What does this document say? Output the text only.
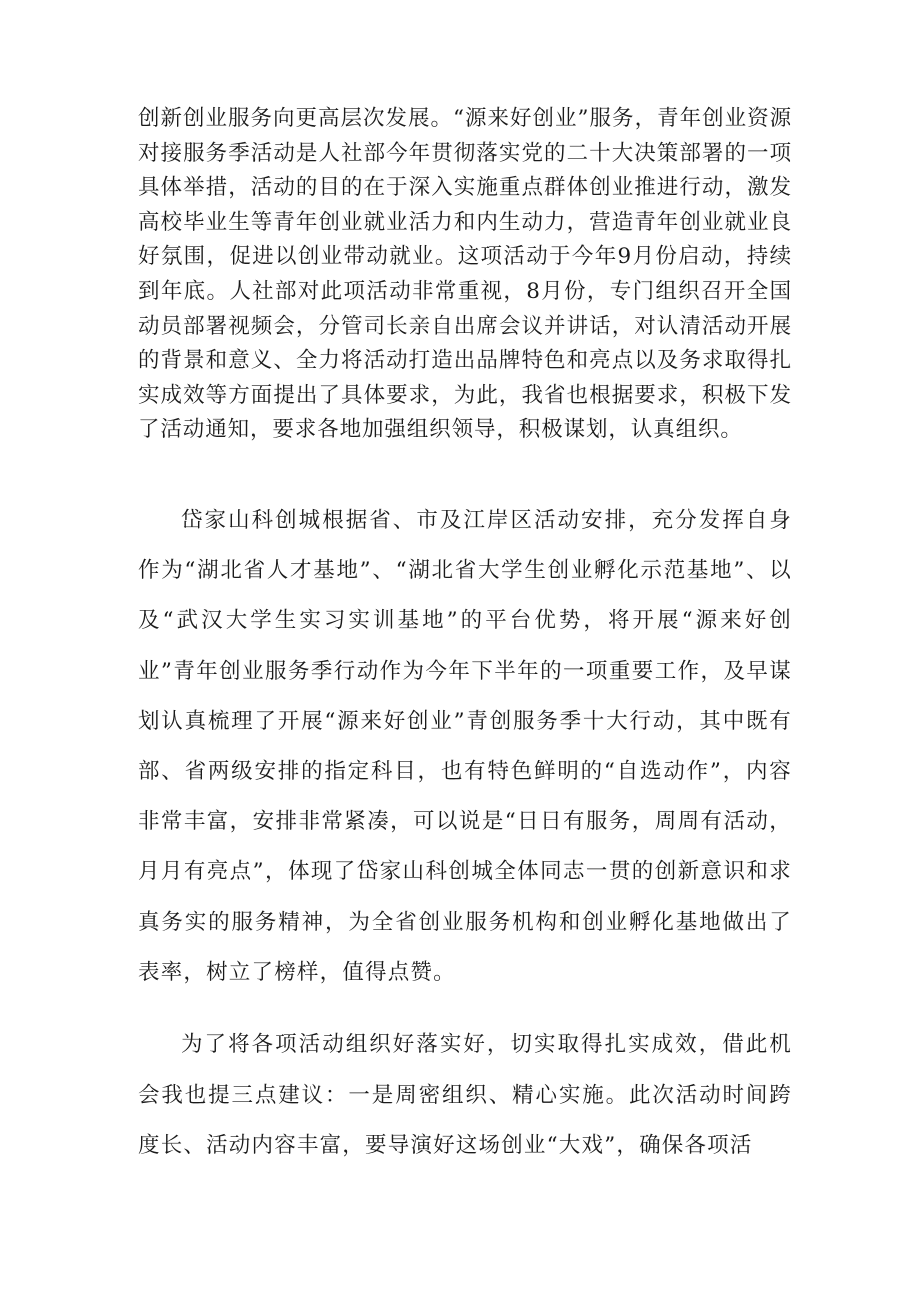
创新创业服务向更高层次发展。“源来好创业”服务，青年创业资源对接服务季活动是人社部今年贯彻落实党的二十大决策部署的一项具体举措，活动的目的在于深入实施重点群体创业推进行动，激发高校毕业生等青年创业就业活力和内生动力，营造青年创业就业良好氛围，促进以创业带动就业。这项活动于今年9月份启动，持续到年底。人社部对此项活动非常重视，8月份，专门组织召开全国动员部署视频会，分管司长亲自出席会议并讲话，对认清活动开展的背景和意义、全力将活动打造出品牌特色和亮点以及务求取得扎实成效等方面提出了具体要求，为此，我省也根据要求，积极下发了活动通知，要求各地加强组织领导，积极谋划，认真组织。

岱家山科创城根据省、市及江岸区活动安排，充分发挥自身作为“湖北省人才基地”、“湖北省大学生创业孵化示范基地”、以及“武汉大学生实习实训基地”的平台优势，将开展“源来好创业”青年创业服务季行动作为今年下半年的一项重要工作，及早谋划认真梳理了开展“源来好创业”青创服务季十大行动，其中既有部、省两级安排的指定科目，也有特色鲜明的“自选动作”，内容非常丰富，安排非常紧凑，可以说是“日日有服务，周周有活动，月月有亮点”，体现了岱家山科创城全体同志一贯的创新意识和求真务实的服务精神，为全省创业服务机构和创业孵化基地做出了表率，树立了榜样，值得点赞。

为了将各项活动组织好落实好，切实取得扎实成效，借此机会我也提三点建议：一是周密组织、精心实施。此次活动时间跨度长、活动内容丰富，要导演好这场创业“大戏”，确保各项活
